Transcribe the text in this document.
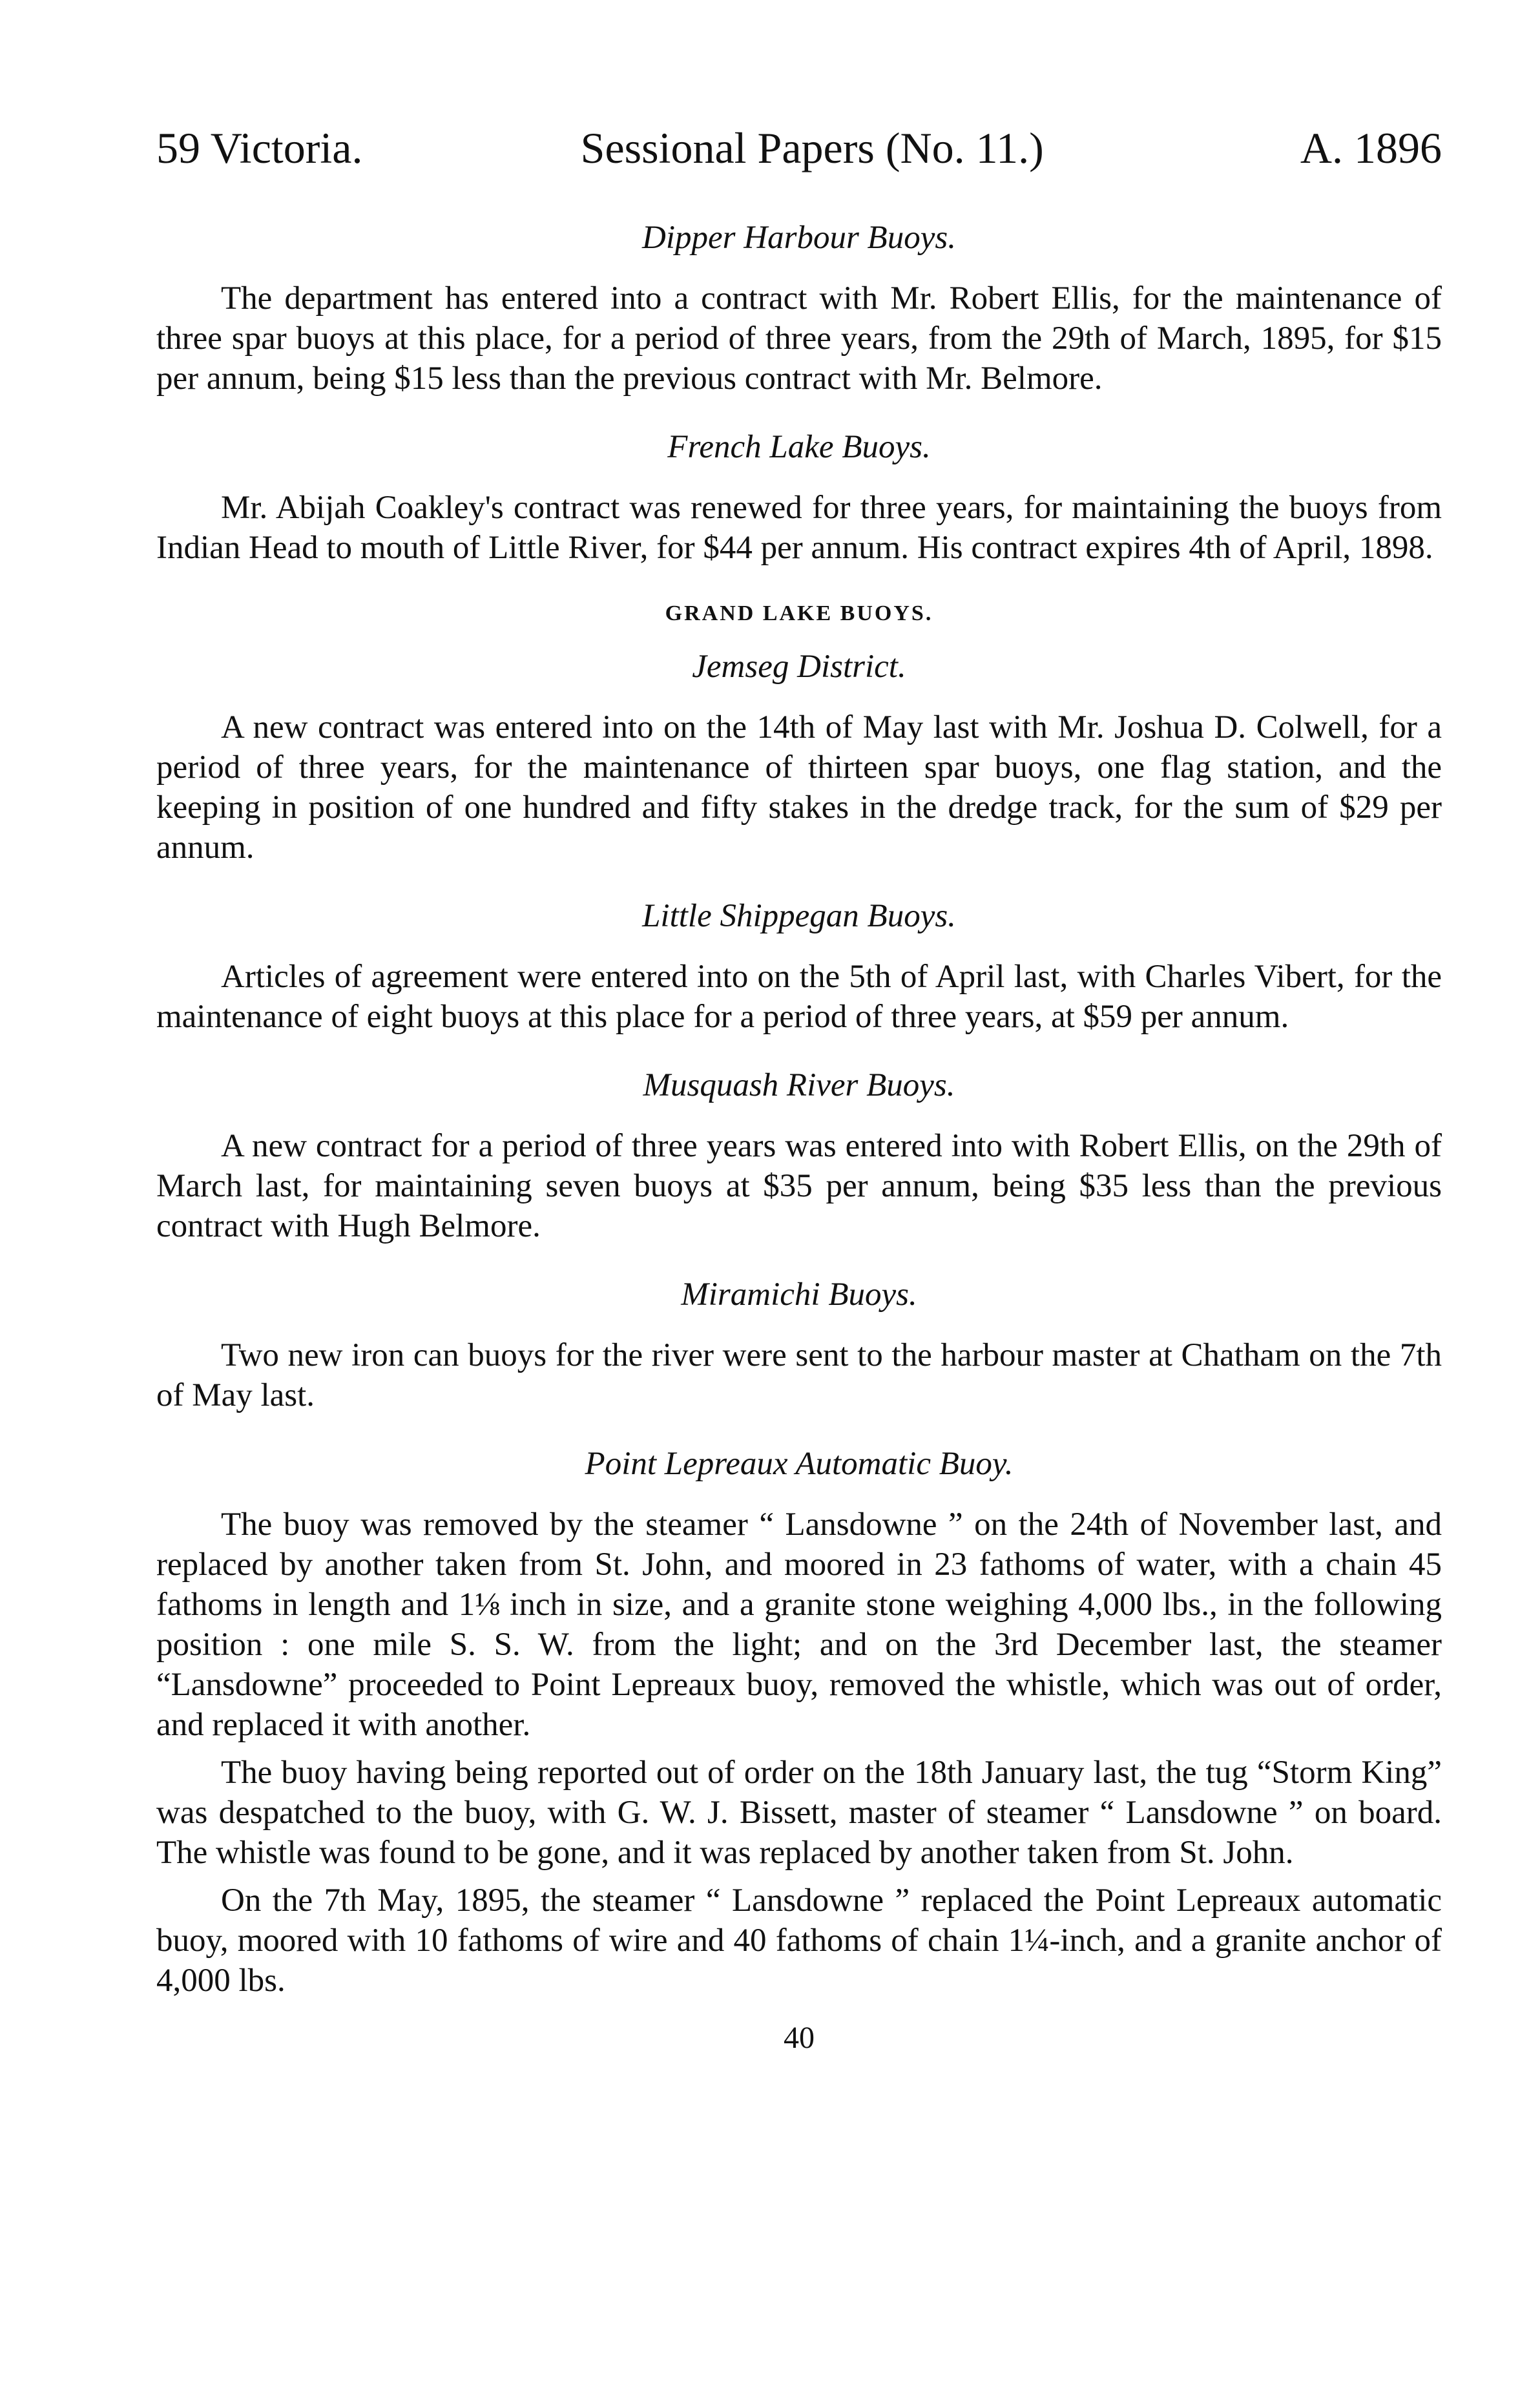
59 Victoria.	Sessional Papers (No. 11.)	A. 1896
Dipper Harbour Buoys.

The department has entered into a contract with Mr. Robert Ellis, for the maintenance of three spar buoys at this place, for a period of three years, from the 29th of March, 1895, for $15 per annum, being $15 less than the previous contract with Mr. Belmore.

French Lake Buoys.

Mr. Abijah Coakley's contract was renewed for three years, for maintaining the buoys from Indian Head to mouth of Little River, for $44 per annum. His contract expires 4th of April, 1898.

GRAND LAKE BUOYS.
Jemseg District.

A new contract was entered into on the 14th of May last with Mr. Joshua D. Colwell, for a period of three years, for the maintenance of thirteen spar buoys, one flag station, and the keeping in position of one hundred and fifty stakes in the dredge track, for the sum of $29 per annum.

Little Shippegan Buoys.

Articles of agreement were entered into on the 5th of April last, with Charles Vibert, for the maintenance of eight buoys at this place for a period of three years, at $59 per annum.

Musquash River Buoys.

A new contract for a period of three years was entered into with Robert Ellis, on the 29th of March last, for maintaining seven buoys at $35 per annum, being $35 less than the previous contract with Hugh Belmore.

Miramichi Buoys.

Two new iron can buoys for the river were sent to the harbour master at Chatham on the 7th of May last.

Point Lepreaux Automatic Buoy.

The buoy was removed by the steamer “ Lansdowne ” on the 24th of November last, and replaced by another taken from St. John, and moored in 23 fathoms of water, with a chain 45 fathoms in length and 1⅛ inch in size, and a granite stone weighing 4,000 lbs., in the following position : one mile S. S. W. from the light; and on the 3rd December last, the steamer “Lansdowne” proceeded to Point Lepreaux buoy, removed the whistle, which was out of order, and replaced it with another.

The buoy having being reported out of order on the 18th January last, the tug “Storm King” was despatched to the buoy, with G. W. J. Bissett, master of steamer “ Lansdowne ” on board. The whistle was found to be gone, and it was replaced by another taken from St. John.

On the 7th May, 1895, the steamer “ Lansdowne ” replaced the Point Lepreaux automatic buoy, moored with 10 fathoms of wire and 40 fathoms of chain 1¼-inch, and a granite anchor of 4,000 lbs.

40
